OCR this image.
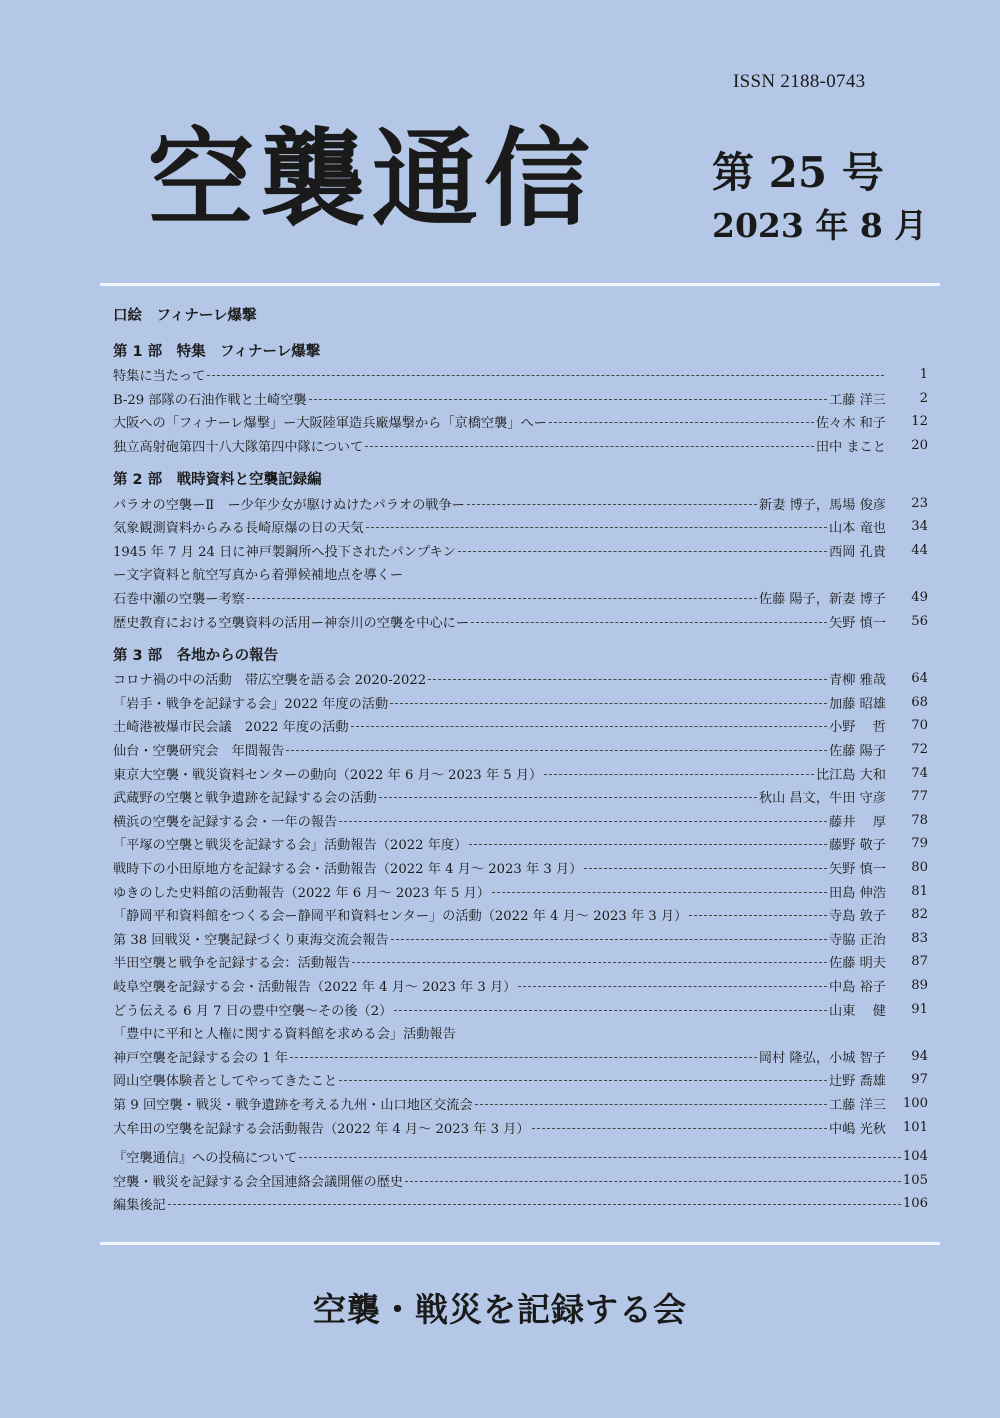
ISSN 2188-0743
空襲通信	第 25 号
2023 年 8 月
口絵　フィナーレ爆撃
第 1 部　特集　フィナーレ爆撃
特集に当たって	1
B-29 部隊の石油作戦と土崎空襲	工藤 洋三	2
大阪への「フィナーレ爆撃」ー大阪陸軍造兵廠爆撃から「京橋空襲」へー	佐々木 和子	12
独立高射砲第四十八大隊第四中隊について	田中 まこと	20
第 2 部　戦時資料と空襲記録編
パラオの空襲ーⅡ　ー少年少女が駆けぬけたパラオの戦争ー	新妻 博子，馬場 俊彦	23
気象観測資料からみる長崎原爆の日の天気	山本 竜也	34
1945 年 7 月 24 日に神戸製鋼所へ投下されたパンプキン	西岡 孔貴	44
ー文字資料と航空写真から着弾候補地点を導くー
石巻中瀬の空襲ー考察	佐藤 陽子，新妻 博子	49
歴史教育における空襲資料の活用ー神奈川の空襲を中心にー	矢野 慎一	56
第 3 部　各地からの報告
コロナ禍の中の活動　帯広空襲を語る会 2020-2022	青柳 雅哉	64
「岩手・戦争を記録する会」2022 年度の活動	加藤 昭雄	68
土崎港被爆市民会議　2022 年度の活動	小野　 哲	70
仙台・空襲研究会　年間報告	佐藤 陽子	72
東京大空襲・戦災資料センターの動向（2022 年 6 月～ 2023 年 5 月）	比江島 大和	74
武蔵野の空襲と戦争遺跡を記録する会の活動	秋山 昌文，牛田 守彦	77
横浜の空襲を記録する会・一年の報告	藤井　 厚	78
「平塚の空襲と戦災を記録する会」活動報告（2022 年度）	藤野 敬子	79
戦時下の小田原地方を記録する会・活動報告（2022 年 4 月～ 2023 年 3 月）	矢野 慎一	80
ゆきのした史料館の活動報告（2022 年 6 月～ 2023 年 5 月）	田島 伸浩	81
「静岡平和資料館をつくる会ー静岡平和資料センター」の活動（2022 年 4 月～ 2023 年 3 月）	寺島 敦子	82
第 38 回戦災・空襲記録づくり東海交流会報告	寺脇 正治	83
半田空襲と戦争を記録する会：活動報告	佐藤 明夫	87
岐阜空襲を記録する会・活動報告（2022 年 4 月～ 2023 年 3 月）	中島 裕子	89
どう伝える 6 月 7 日の豊中空襲～その後（2）	山東　 健	91
「豊中に平和と人権に関する資料館を求める会」活動報告
神戸空襲を記録する会の 1 年	岡村 隆弘，小城 智子	94
岡山空襲体験者としてやってきたこと	辻野 喬雄	97
第 9 回空襲・戦災・戦争遺跡を考える九州・山口地区交流会	工藤 洋三	100
大牟田の空襲を記録する会活動報告（2022 年 4 月～ 2023 年 3 月）	中嶋 光秋	101
『空襲通信』への投稿について	104
空襲・戦災を記録する会全国連絡会議開催の歴史	105
編集後記	106
空襲・戦災を記録する会
